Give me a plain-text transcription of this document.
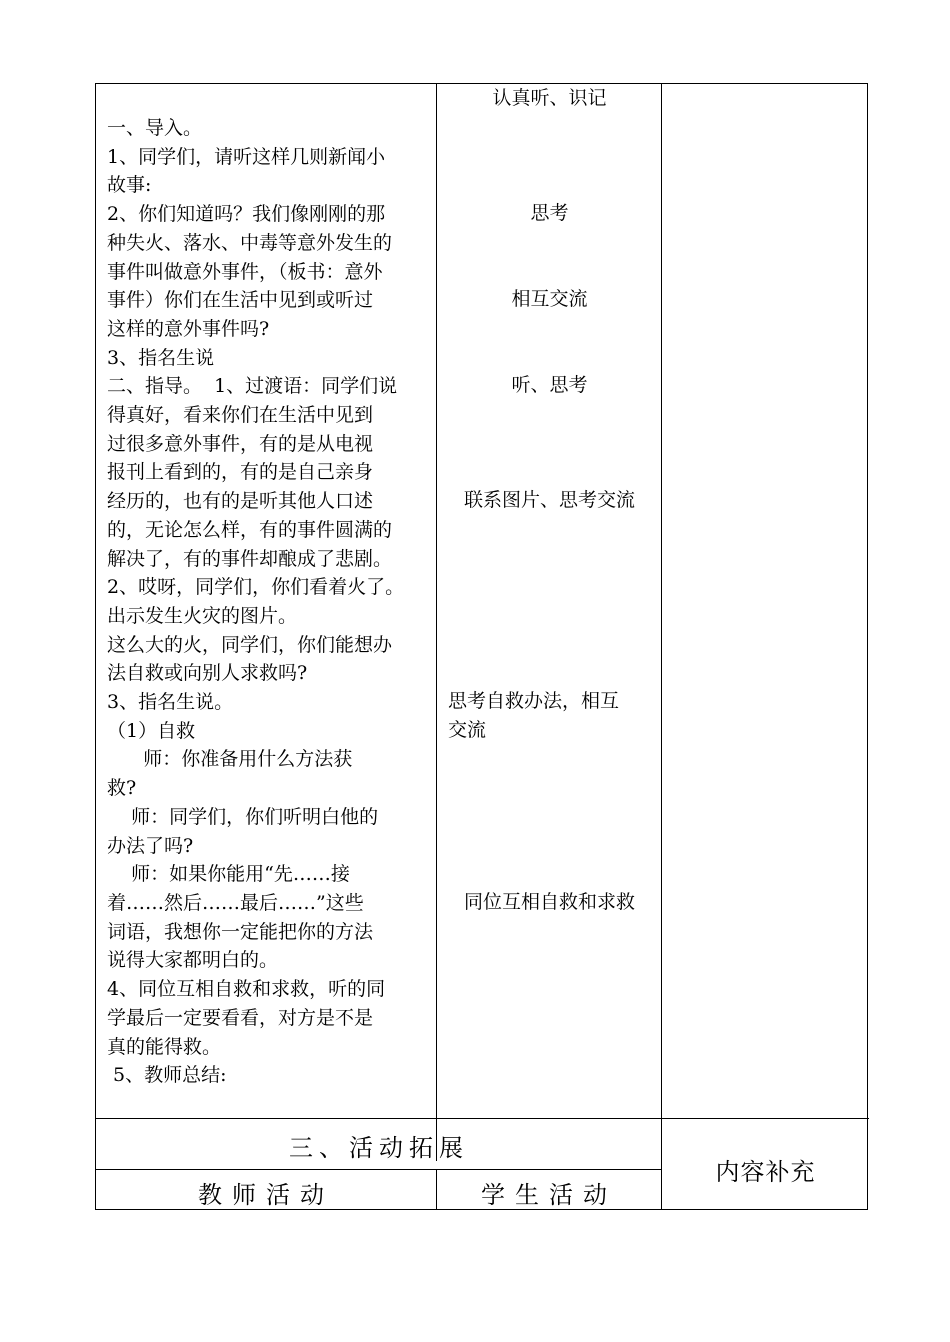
一、导入。
1、同学们，请听这样几则新闻小
故事:
2、你们知道吗？我们像刚刚的那
种失火、落水、中毒等意外发生的
事件叫做意外事件，（板书：意外
事件）你们在生活中见到或听过
这样的意外事件吗?
3、指名生说
二、指导。  1、过渡语：同学们说
得真好，看来你们在生活中见到
过很多意外事件，有的是从电视
报刊上看到的，有的是自己亲身
经历的，也有的是听其他人口述
的，无论怎么样，有的事件圆满的
解决了，有的事件却酿成了悲剧。
2、哎呀，同学们，你们看着火了。
出示发生火灾的图片。
这么大的火，同学们，你们能想办
法自救或向别人求救吗?
3、指名生说。
（1）自救
师：你准备用什么方法获
救?
师：同学们，你们听明白他的
办法了吗?
师：如果你能用“先……接
着……然后……最后……”这些
词语，我想你一定能把你的方法
说得大家都明白的。
4、同位互相自救和求救，听的同
学最后一定要看看，对方是不是
真的能得救。
5、教师总结:
认真听、识记
思考
相互交流
听、思考
联系图片、思考交流
思考自救办法，相互
交流
同位互相自救和求救
三、活动拓展
内容补充
教师活动	学生活动
